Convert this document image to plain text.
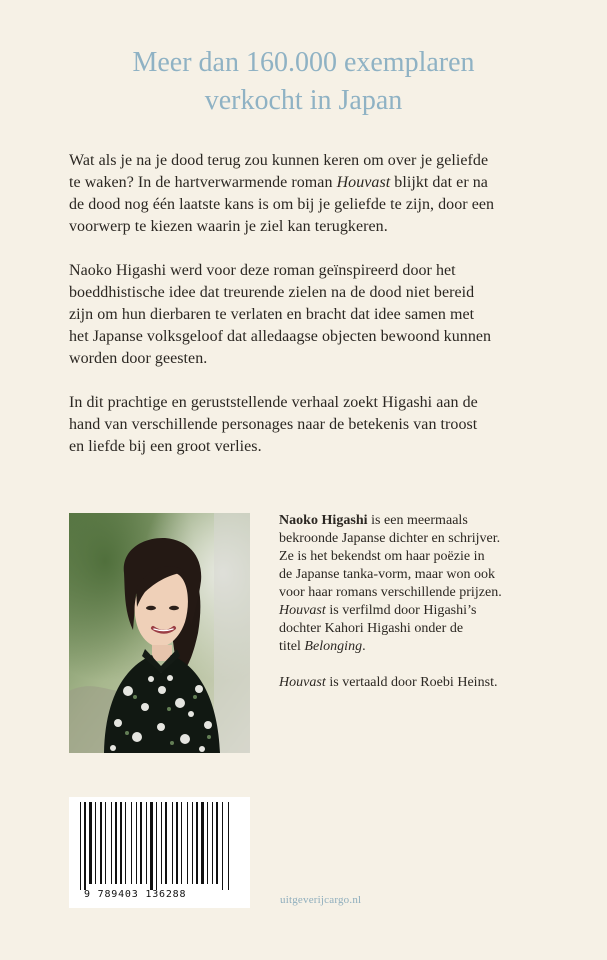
Meer dan 160.000 exemplaren
verkocht in Japan

Wat als je na je dood terug zou kunnen keren om over je geliefde
te waken? In de hartverwarmende roman Houvast blijkt dat er na
de dood nog één laatste kans is om bij je geliefde te zijn, door een
voorwerp te kiezen waarin je ziel kan terugkeren.

Naoko Higashi werd voor deze roman geïnspireerd door het
boeddhistische idee dat treurende zielen na de dood niet bereid
zijn om hun dierbaren te verlaten en bracht dat idee samen met
het Japanse volksgeloof dat alledaagse objecten bewoond kunnen
worden door geesten.

In dit prachtige en geruststellende verhaal zoekt Higashi aan de
hand van verschillende personages naar de betekenis van troost
en liefde bij een groot verlies.

Naoko Higashi is een meermaals
bekroonde Japanse dichter en schrijver.
Ze is het bekendst om haar poëzie in
de Japanse tanka-vorm, maar won ook
voor haar romans verschillende prijzen.
Houvast is verfilmd door Higashi’s
dochter Kahori Higashi onder de
titel Belonging.

Houvast is vertaald door Roebi Heinst.

9 789403 136288	uitgeverijcargo.nl
